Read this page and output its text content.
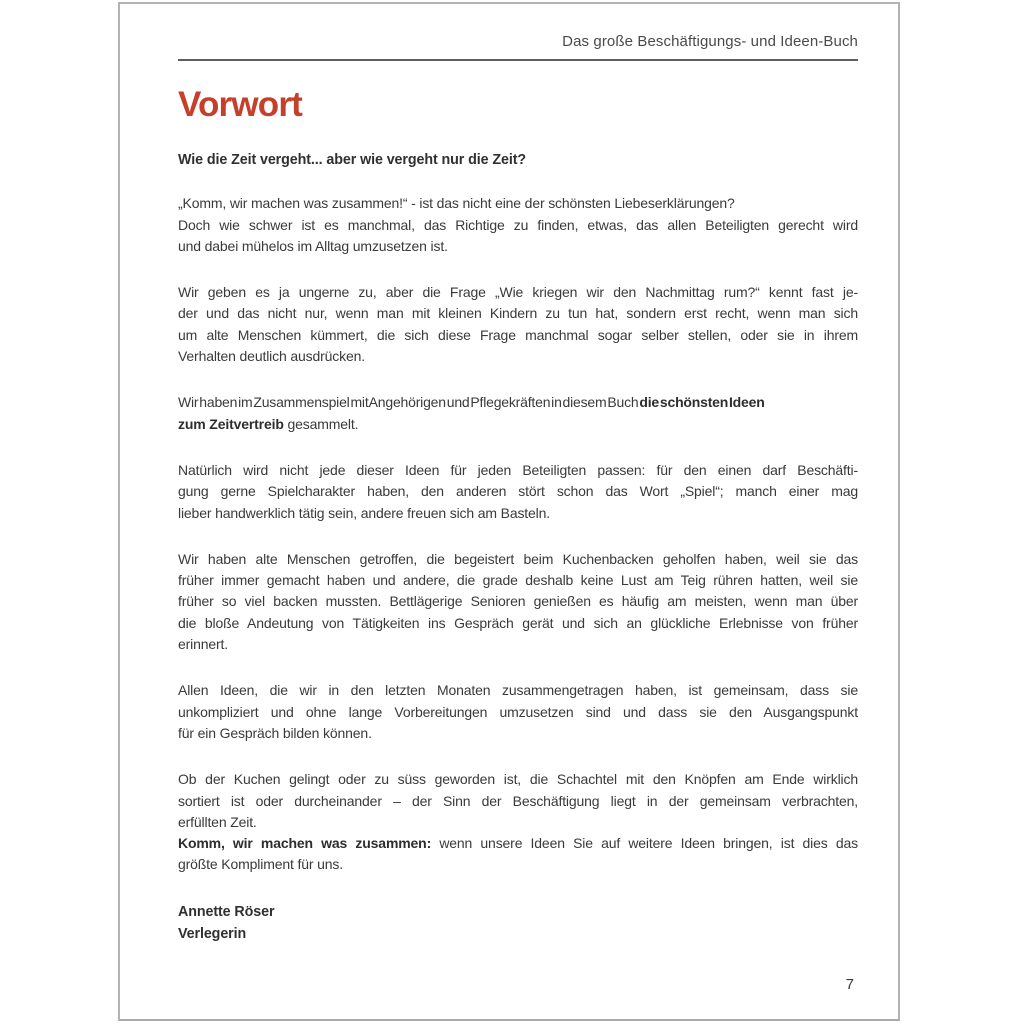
Das große Beschäftigungs- und Ideen-Buch
Vorwort
Wie die Zeit vergeht... aber wie vergeht nur die Zeit?
„Komm, wir machen was zusammen!“ - ist das nicht eine der schönsten Liebeserklärungen?
Doch wie schwer ist es manchmal, das Richtige zu finden, etwas, das allen Beteiligten gerecht wird
und dabei mühelos im Alltag umzusetzen ist.
Wir geben es ja ungerne zu, aber die Frage „Wie kriegen wir den Nachmittag rum?“ kennt fast je-
der und das nicht nur, wenn man mit kleinen Kindern zu tun hat, sondern erst recht, wenn man sich
um alte Menschen kümmert, die sich diese Frage manchmal sogar selber stellen, oder sie in ihrem
Verhalten deutlich ausdrücken.
Wir haben im Zusammenspiel mit Angehörigen und Pflegekräften in diesem Buch die schönsten Ideen
zum Zeitvertreib gesammelt.
Natürlich wird nicht jede dieser Ideen für jeden Beteiligten passen: für den einen darf Beschäfti-
gung gerne Spielcharakter haben, den anderen stört schon das Wort „Spiel“; manch einer mag
lieber handwerklich tätig sein, andere freuen sich am Basteln.
Wir haben alte Menschen getroffen, die begeistert beim Kuchenbacken geholfen haben, weil sie das
früher immer gemacht haben und andere, die grade deshalb keine Lust am Teig rühren hatten, weil sie
früher so viel backen mussten. Bettlägerige Senioren genießen es häufig am meisten, wenn man über
die bloße Andeutung von Tätigkeiten ins Gespräch gerät und sich an glückliche Erlebnisse von früher
erinnert.
Allen Ideen, die wir in den letzten Monaten zusammengetragen haben, ist gemeinsam, dass sie
unkompliziert und ohne lange Vorbereitungen umzusetzen sind und dass sie den Ausgangspunkt
für ein Gespräch bilden können.
Ob der Kuchen gelingt oder zu süss geworden ist, die Schachtel mit den Knöpfen am Ende wirklich
sortiert ist oder durcheinander – der Sinn der Beschäftigung liegt in der gemeinsam verbrachten,
erfüllten Zeit.
Komm, wir machen was zusammen: wenn unsere Ideen Sie auf weitere Ideen bringen, ist dies das
größte Kompliment für uns.
Annette Röser
Verlegerin
7
